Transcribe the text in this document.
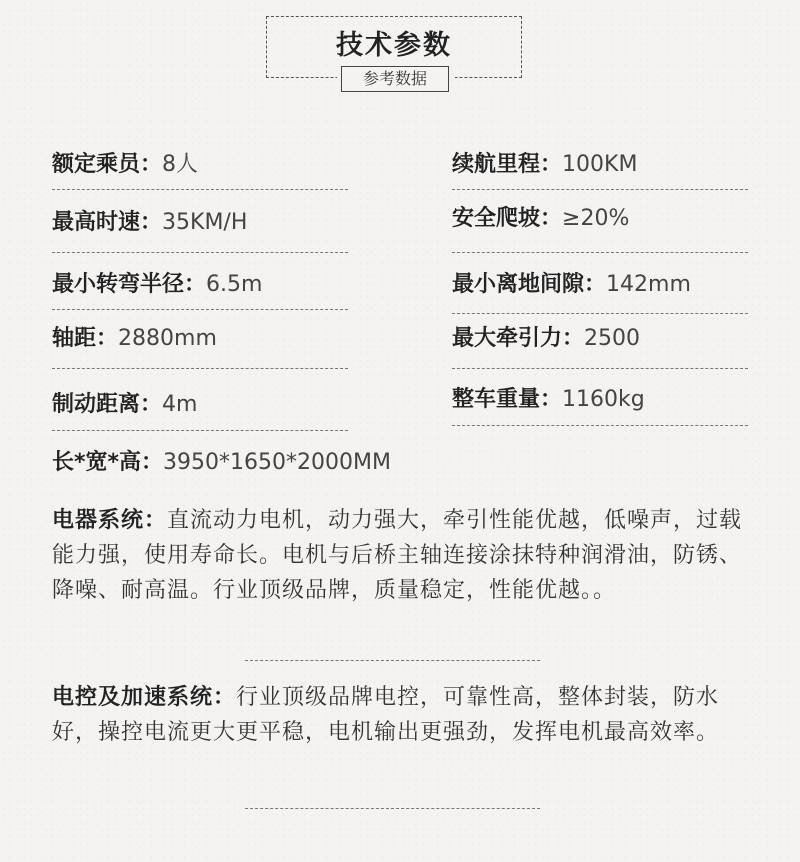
技术参数
参考数据
额定乘员：8人	续航里程：100KM
最高时速：35KM/H	安全爬坡：≥20%
最小转弯半径：6.5m	最小离地间隙：142mm
轴距：2880mm	最大牵引力：2500
制动距离：4m	整车重量：1160kg
长*宽*高：3950*1650*2000MM
电器系统：直流动力电机，动力强大，牵引性能优越，低噪声，过载能力强，使用寿命长。电机与后桥主轴连接涂抹特种润滑油，防锈、降噪、耐高温。行业顶级品牌，质量稳定，性能优越。。
电控及加速系统：行业顶级品牌电控，可靠性高，整体封装，防水好，操控电流更大更平稳，电机输出更强劲，发挥电机最高效率。
